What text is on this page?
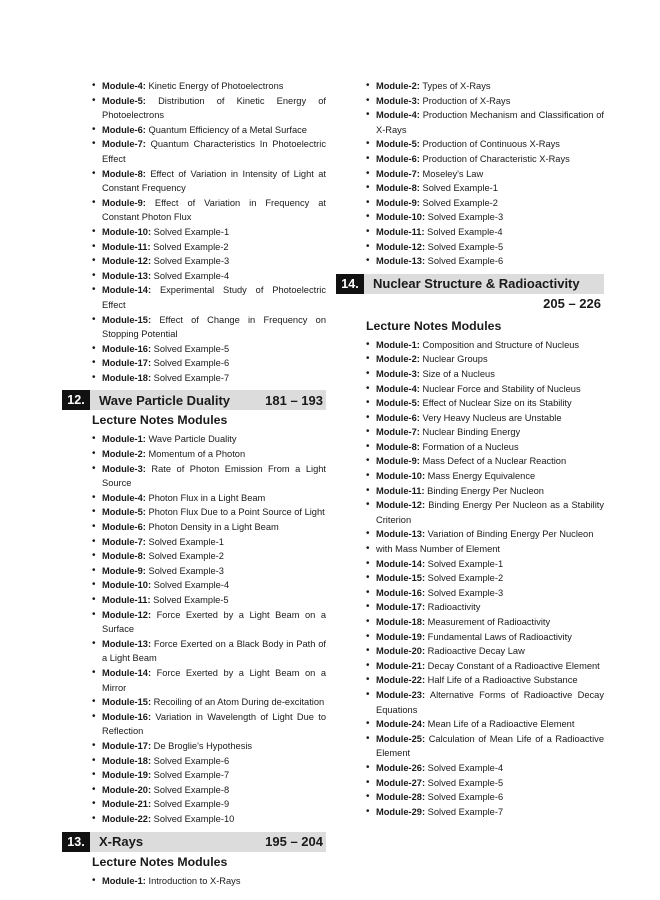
• Module-4: Kinetic Energy of Photoelectrons
• Module-5: Distribution of Kinetic Energy of Photoelectrons
• Module-6: Quantum Efficiency of a Metal Surface
• Module-7: Quantum Characteristics In Photoelectric Effect
• Module-8: Effect of Variation in Intensity of Light at Constant Frequency
• Module-9: Effect of Variation in Frequency at Constant Photon Flux
• Module-10: Solved Example-1
• Module-11: Solved Example-2
• Module-12: Solved Example-3
• Module-13: Solved Example-4
• Module-14: Experimental Study of Photoelectric Effect
• Module-15: Effect of Change in Frequency on Stopping Potential
• Module-16: Solved Example-5
• Module-17: Solved Example-6
• Module-18: Solved Example-7
12.	Wave Particle Duality	181 – 193
Lecture Notes Modules
• Module-1: Wave Particle Duality
• Module-2: Momentum of a Photon
• Module-3: Rate of Photon Emission From a Light Source
• Module-4: Photon Flux in a Light Beam
• Module-5: Photon Flux Due to a Point Source of Light
• Module-6: Photon Density in a Light Beam
• Module-7: Solved Example-1
• Module-8: Solved Example-2
• Module-9: Solved Example-3
• Module-10: Solved Example-4
• Module-11: Solved Example-5
• Module-12: Force Exerted by a Light Beam on a Surface
• Module-13: Force Exerted on a Black Body in Path of a Light Beam
• Module-14: Force Exerted by a Light Beam on a Mirror
• Module-15: Recoiling of an Atom During de-excitation
• Module-16: Variation in Wavelength of Light Due to Reflection
• Module-17: De Broglie's Hypothesis
• Module-18: Solved Example-6
• Module-19: Solved Example-7
• Module-20: Solved Example-8
• Module-21: Solved Example-9
• Module-22: Solved Example-10
13.	X-Rays	195 – 204
Lecture Notes Modules
• Module-1: Introduction to X-Rays
• Module-2: Types of X-Rays
• Module-3: Production of X-Rays
• Module-4: Production Mechanism and Classification of X-Rays
• Module-5: Production of Continuous X-Rays
• Module-6: Production of Characteristic X-Rays
• Module-7: Moseley's Law
• Module-8: Solved Example-1
• Module-9: Solved Example-2
• Module-10: Solved Example-3
• Module-11: Solved Example-4
• Module-12: Solved Example-5
• Module-13: Solved Example-6
14.	Nuclear Structure & Radioactivity
205 – 226
Lecture Notes Modules
• Module-1: Composition and Structure of Nucleus
• Module-2: Nuclear Groups
• Module-3: Size of a Nucleus
• Module-4: Nuclear Force and Stability of Nucleus
• Module-5: Effect of Nuclear Size on its Stability
• Module-6: Very Heavy Nucleus are Unstable
• Module-7: Nuclear Binding Energy
• Module-8: Formation of a Nucleus
• Module-9: Mass Defect of a Nuclear Reaction
• Module-10: Mass Energy Equivalence
• Module-11: Binding Energy Per Nucleon
• Module-12: Binding Energy Per Nucleon as a Stability Criterion
• Module-13: Variation of Binding Energy Per Nucleon
• with Mass Number of Element
• Module-14: Solved Example-1
• Module-15: Solved Example-2
• Module-16: Solved Example-3
• Module-17: Radioactivity
• Module-18: Measurement of Radioactivity
• Module-19: Fundamental Laws of Radioactivity
• Module-20: Radioactive Decay Law
• Module-21: Decay Constant of a Radioactive Element
• Module-22: Half Life of a Radioactive Substance
• Module-23: Alternative Forms of Radioactive Decay Equations
• Module-24: Mean Life of a Radioactive Element
• Module-25: Calculation of Mean Life of a Radioactive Element
• Module-26: Solved Example-4
• Module-27: Solved Example-5
• Module-28: Solved Example-6
• Module-29: Solved Example-7
